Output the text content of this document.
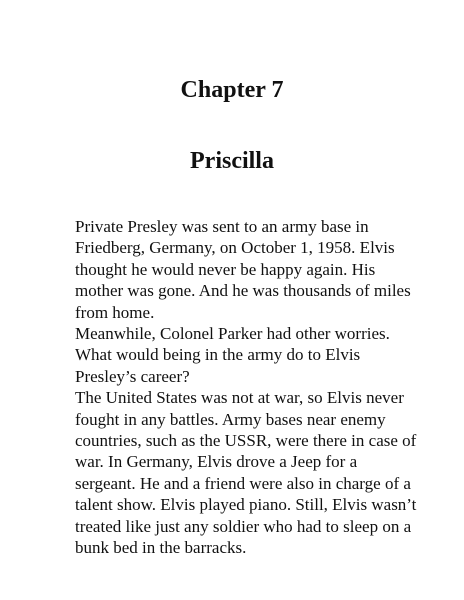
Chapter 7
Priscilla

Private Presley was sent to an army base in
Friedberg, Germany, on October 1, 1958. Elvis
thought he would never be happy again. His
mother was gone. And he was thousands of miles
from home.

Meanwhile, Colonel Parker had other worries.
What would being in the army do to Elvis
Presley’s career?

The United States was not at war, so Elvis never
fought in any battles. Army bases near enemy
countries, such as the USSR, were there in case of
war. In Germany, Elvis drove a Jeep for a
sergeant. He and a friend were also in charge of a
talent show. Elvis played piano. Still, Elvis wasn’t
treated like just any soldier who had to sleep on a
bunk bed in the barracks.
